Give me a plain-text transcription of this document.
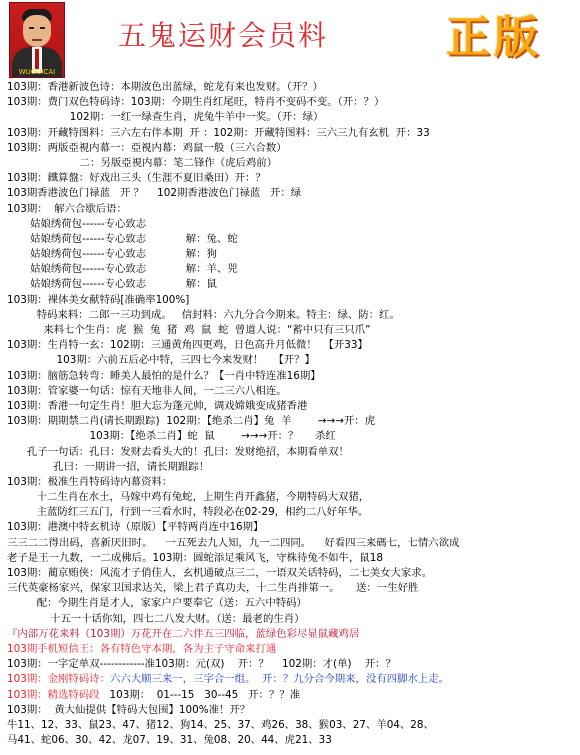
WUGUICAI
五鬼运财会员料	正版
103期：香港新波色诗：本期波色出蓝绿，蛇龙有来也发财。（开？）
103期：费门双色特码诗：103期：今期生肖红尾旺，特肖不变码不变。（开：？）
102期：一红一绿查生肖，虎兔牛羊中一奖。（开：绿）
103期：开藏特图料：三六左右伴本期  开 ：102期：开藏特图料：三六三九有玄机  开：33
103期：两版亞視内幕一：亞視内幕：鸡鼠一般（三六合数）
二：另版亞視内幕：笔二锋作（虎后鸡前）
103期：鐵算盤：好戏出三头（生涯不夏旧桑田）开：？
103期香港波色门禄蓝   开 ？    102期香港波色门禄蓝   开：绿
103期：  解六合歇后语：
姑娘绣荷包------专心致志
姑娘绣荷包------专心致志            解：兔、蛇
姑娘绣荷包------专心致志            解：狗
姑娘绣荷包------专心致志            解：羊、兕
姑娘绣荷包------专心致志            解：鼠
103期：裸体美女献特码[准确率100%]
特码来料：二郎一三功到成。   信封料：六九分合今期来。特主：绿、防：红。
来料七个生肖：虎  猴  兔  猪  鸡  鼠  蛇  曾道人说：“蓄中只有三只爪”
103期：生肖特一玄：102期：三通黄角四更鸡，日色高升月低微！  【开33】
103期：六前五后必中特，三四七今来发财！   【开？】
103期：脑筋急转弯：睡美人最怕的是什么？【一肖中特连准16期】
103期：管家婆一句话：惊有天地非人间，一二三六八相连。
103期：香港一句定生肖！胆大忘为蓬元帅，调戏嫦娥变成猪香港
103期：期期禁二肖(请长期跟踪)  102期：【绝杀二肖】兔  羊        →→→开：虎
103期：【绝杀二肖】蛇  鼠        →→→开：？     杀红
孔子一句话：孔曰：发财去看头大的！孔曰：发财绝招，本期看单双！
孔曰：一期讲一招，请长期跟踪！
103期：极准生肖特码诗内幕资料：
十二生肖在水土，马嫁中鸡有兔蛇，上期生肖开鑫猪，今期特码大双猪，
主蓝防红三五门，行到一三看水时，特段必在02-29，相约二八好年华。
103期：港澳中特玄机诗（原版）【平特两肖连中16期】
三三二二得出码，喜新厌旧时。    一五死去九人知，九一二四同。    好看四三来碼七，七情六欲成
老子是王一九数，一二成佛后。103期：圆蛇添足乘风飞，守株待兔不如牛，鼠18
103期：蔺京贿侠：风流才子俏佳人，玄机通破点三二，一语双关话特码，二七美女大家求。
三代英豪杨家兴，保家卫国求达关，梁上君子真功夫，十二生肖排第一。     送：一生好胜
配：今期生肖是才人，家家户户要奉它（送：五六中特码）
十五一十话你知，四七二八发大财。（送：最老的生肖）
『内部万花来料（103期）万花开在二六伴五三四临，蓝绿色彩尽显鼠藏鸡居
103期手机短信王：各有特色守本期，各为主子守命来打通
103期：一字定单双------------准103期：元(双)    开：？    102期：才(单)    开：？
103期：金刚特码诗：六六大顺三来一，三字合一组。  开：？九分合今期来，没有四脚水上走。
103期：精选特码段   103期：  01---15   30--45   开：？？准
103期：  黄大仙提供【特码大包围】100%准！开？
牛11、12、33、鼠23、47、猪12、狗14、25、37、鸡26、38、猴03、27、羊04、28、
马41、蛇06、30、42、龙07、19、31、兔08、20、44、虎21、33
